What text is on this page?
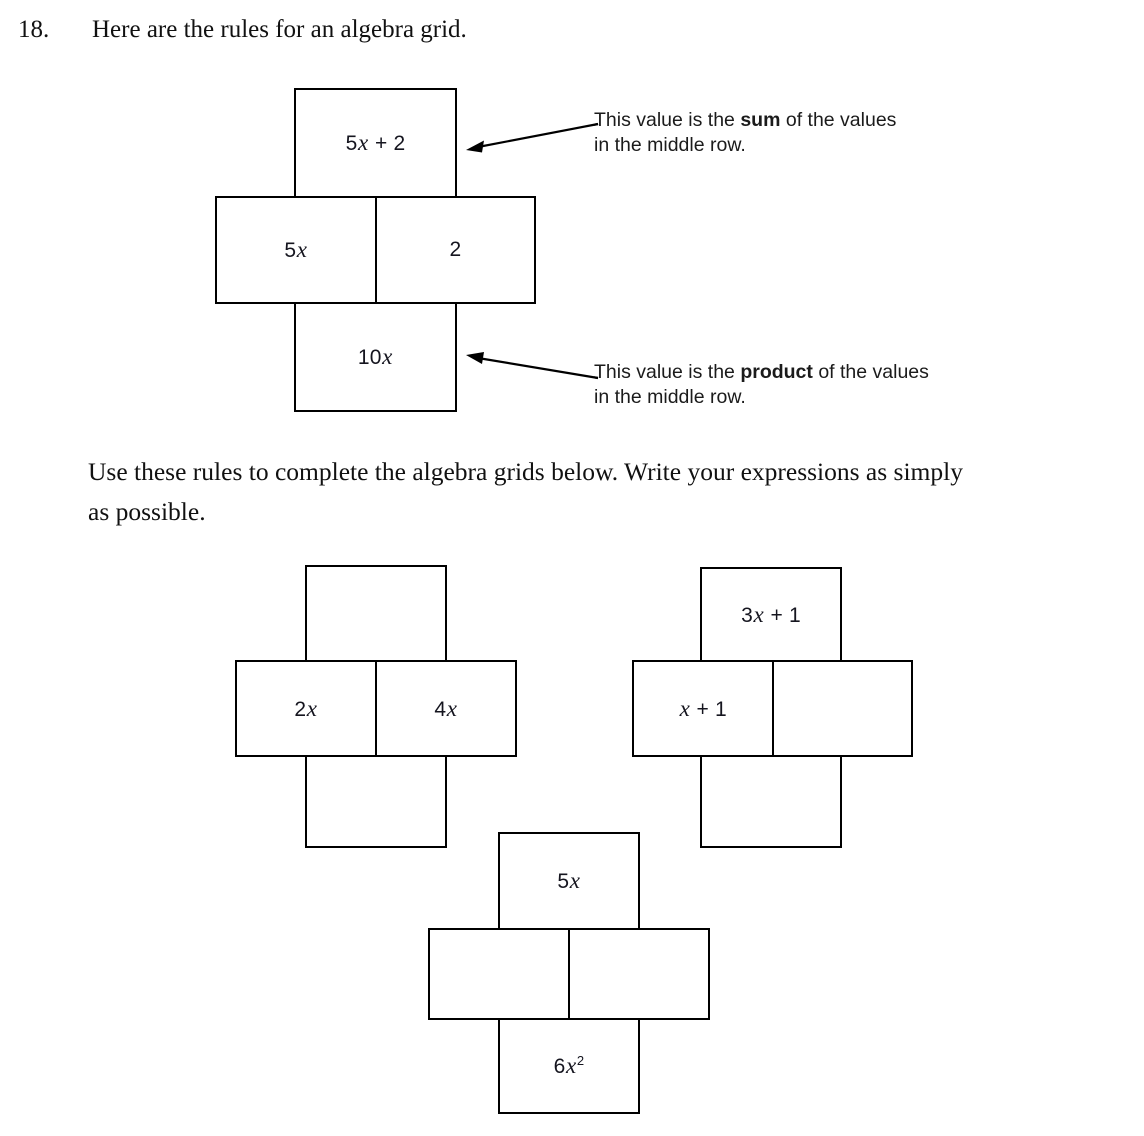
18.	Here are the rules for an algebra grid.
5x + 2
5x	2
10x
This value is the sum of the values
in the middle row.
This value is the product of the values
in the middle row.
Use these rules to complete the algebra grids below. Write your expressions as simply as possible.
2x	4x
3x + 1
x + 1
5x
$6x^2$
